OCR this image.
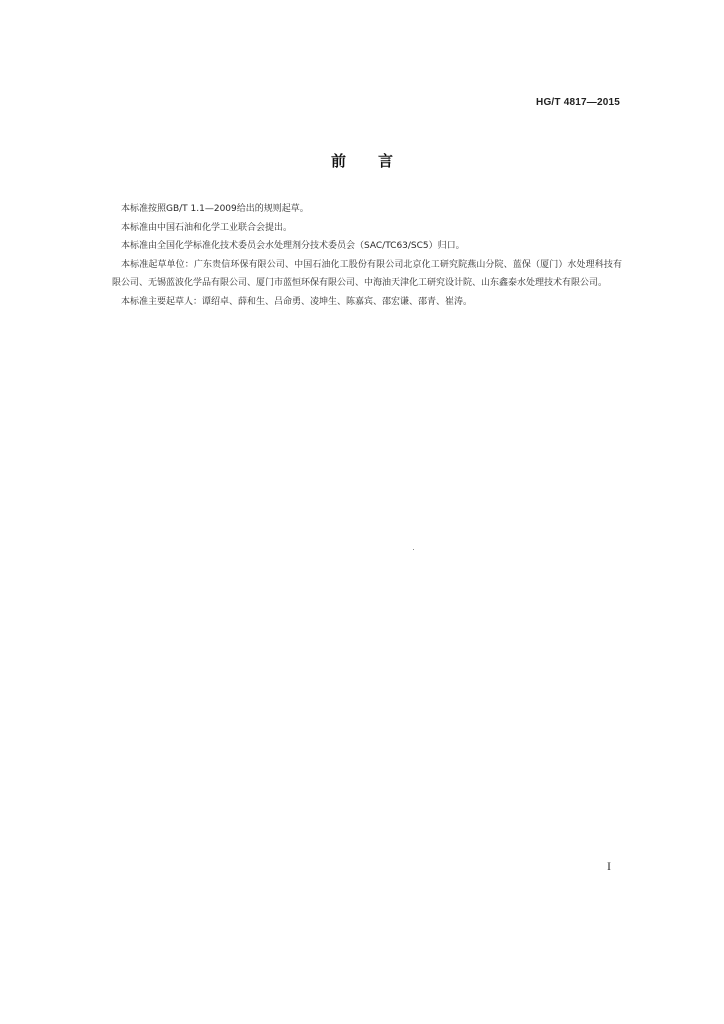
HG/T 4817—2015
前 言

本标准按照GB/T 1.1—2009给出的规则起草。

本标准由中国石油和化学工业联合会提出。

本标准由全国化学标准化技术委员会水处理剂分技术委员会（SAC/TC63/SC5）归口。

本标准起草单位：广东贵信环保有限公司、中国石油化工股份有限公司北京化工研究院燕山分院、蓝保（厦门）水处理科技有限公司、无锡蓝波化学品有限公司、厦门市蓝恒环保有限公司、中海油天津化工研究设计院、山东鑫泰水处理技术有限公司。

本标准主要起草人：谭绍卓、薛和生、吕命勇、凌坤生、陈嘉宾、邵宏谦、邵青、崔涛。

I
